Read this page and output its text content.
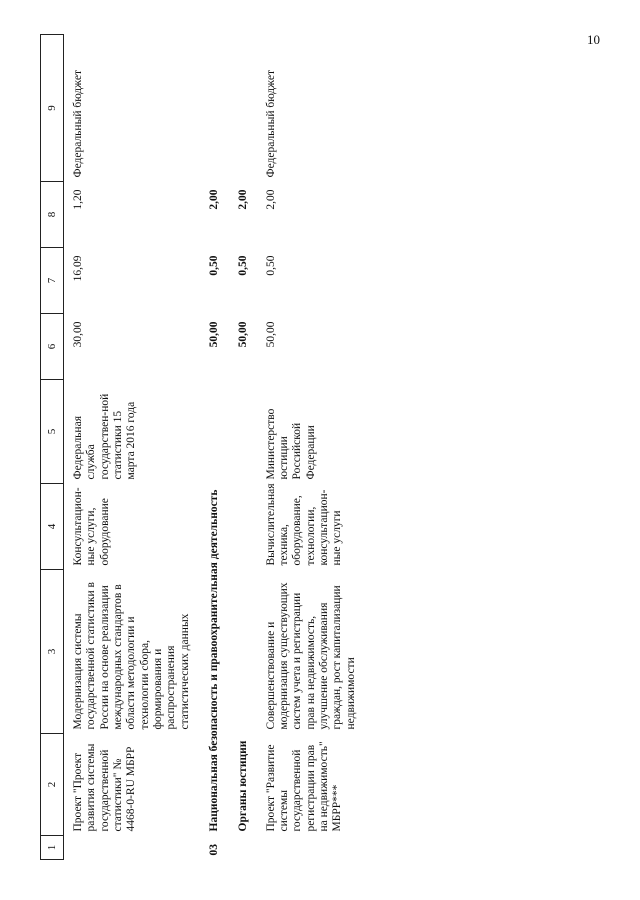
10
1	2	3	4	5	6	7	8	9
	Проект "Проект развития системы государственной статистики" № 4468-0-RU МБРР	Модернизация системы государственной статистики в России на основе реализации международных стандартов в области методологии и технологии сбора, формирования и распространения статистических данных	Консультацион-ные услуги, оборудование	Федеральная служба государствен-ной статистики 15 марта 2016 года	30,00	16,09	1,20	Федеральный бюджет
03	Национальная безопасность и правоохранительная деятельность				50,00	0,50	2,00	
	Органы юстиции				50,00	0,50	2,00	
	Проект "Развитие системы государственной регистрации прав на недвижимость" МБРР***	Совершенствование и модернизация существующих систем учета и регистрации прав на недвижимость, улучшение обслуживания граждан, рост капитализации недвижимости	Вычислительная техника, оборудование, технологии, консультацион-ные услуги	Министерство юстиции Российской Федерации	50,00	0,50	2,00	Федеральный бюджет
